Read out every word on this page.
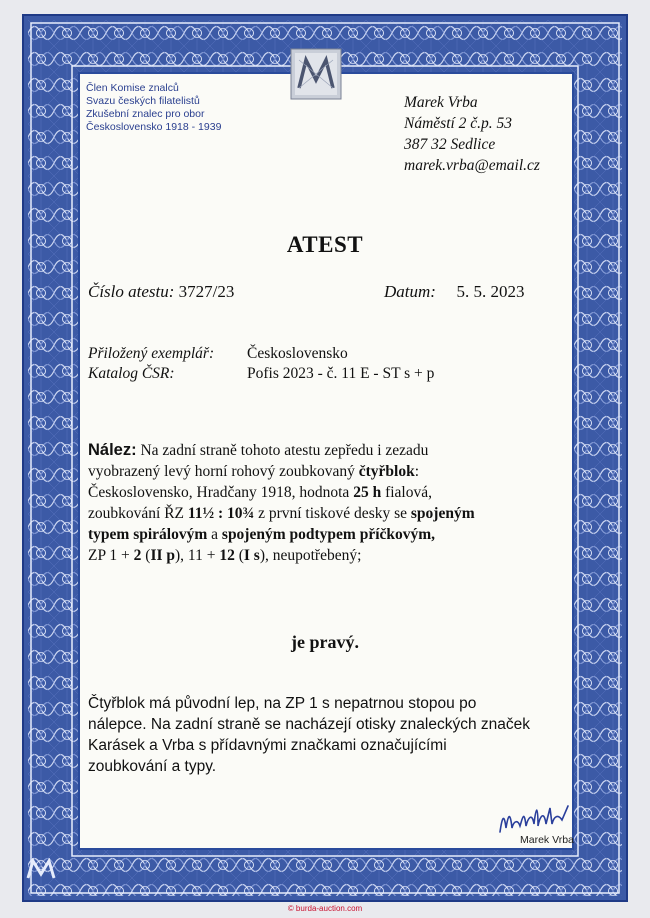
Člen Komise znalců
Svazu českých filatelistů
Zkušební znalec pro obor
Československo 1918 - 1939
Marek Vrba
Náměstí 2 č.p. 53
387 32 Sedlice
marek.vrba@email.cz
ATEST
Číslo atestu: 3727/23	Datum: 5. 5. 2023
Přiložený exemplář:
Katalog ČSR:
Československo
Pofis 2023 - č. 11 E - ST s + p
Nález: Na zadní straně tohoto atestu zepředu i zezadu
vyobrazený levý horní rohový zoubkovaný čtyřblok:
Československo, Hradčany 1918, hodnota 25 h fialová,
zoubkování ŘZ 11½ : 10¾ z první tiskové desky se spojeným
typem spirálovým a spojeným podtypem příčkovým,
ZP 1 + 2 (II p), 11 + 12 (I s), neupotřebený;
je pravý.
Čtyřblok má původní lep, na ZP 1 s nepatrnou stopou po
nálepce. Na zadní straně se nacházejí otisky znaleckých značek
Karásek a Vrba s přídavnými značkami označujícími
zoubkování a typy.
Marek Vrba
© burda-auction.com
